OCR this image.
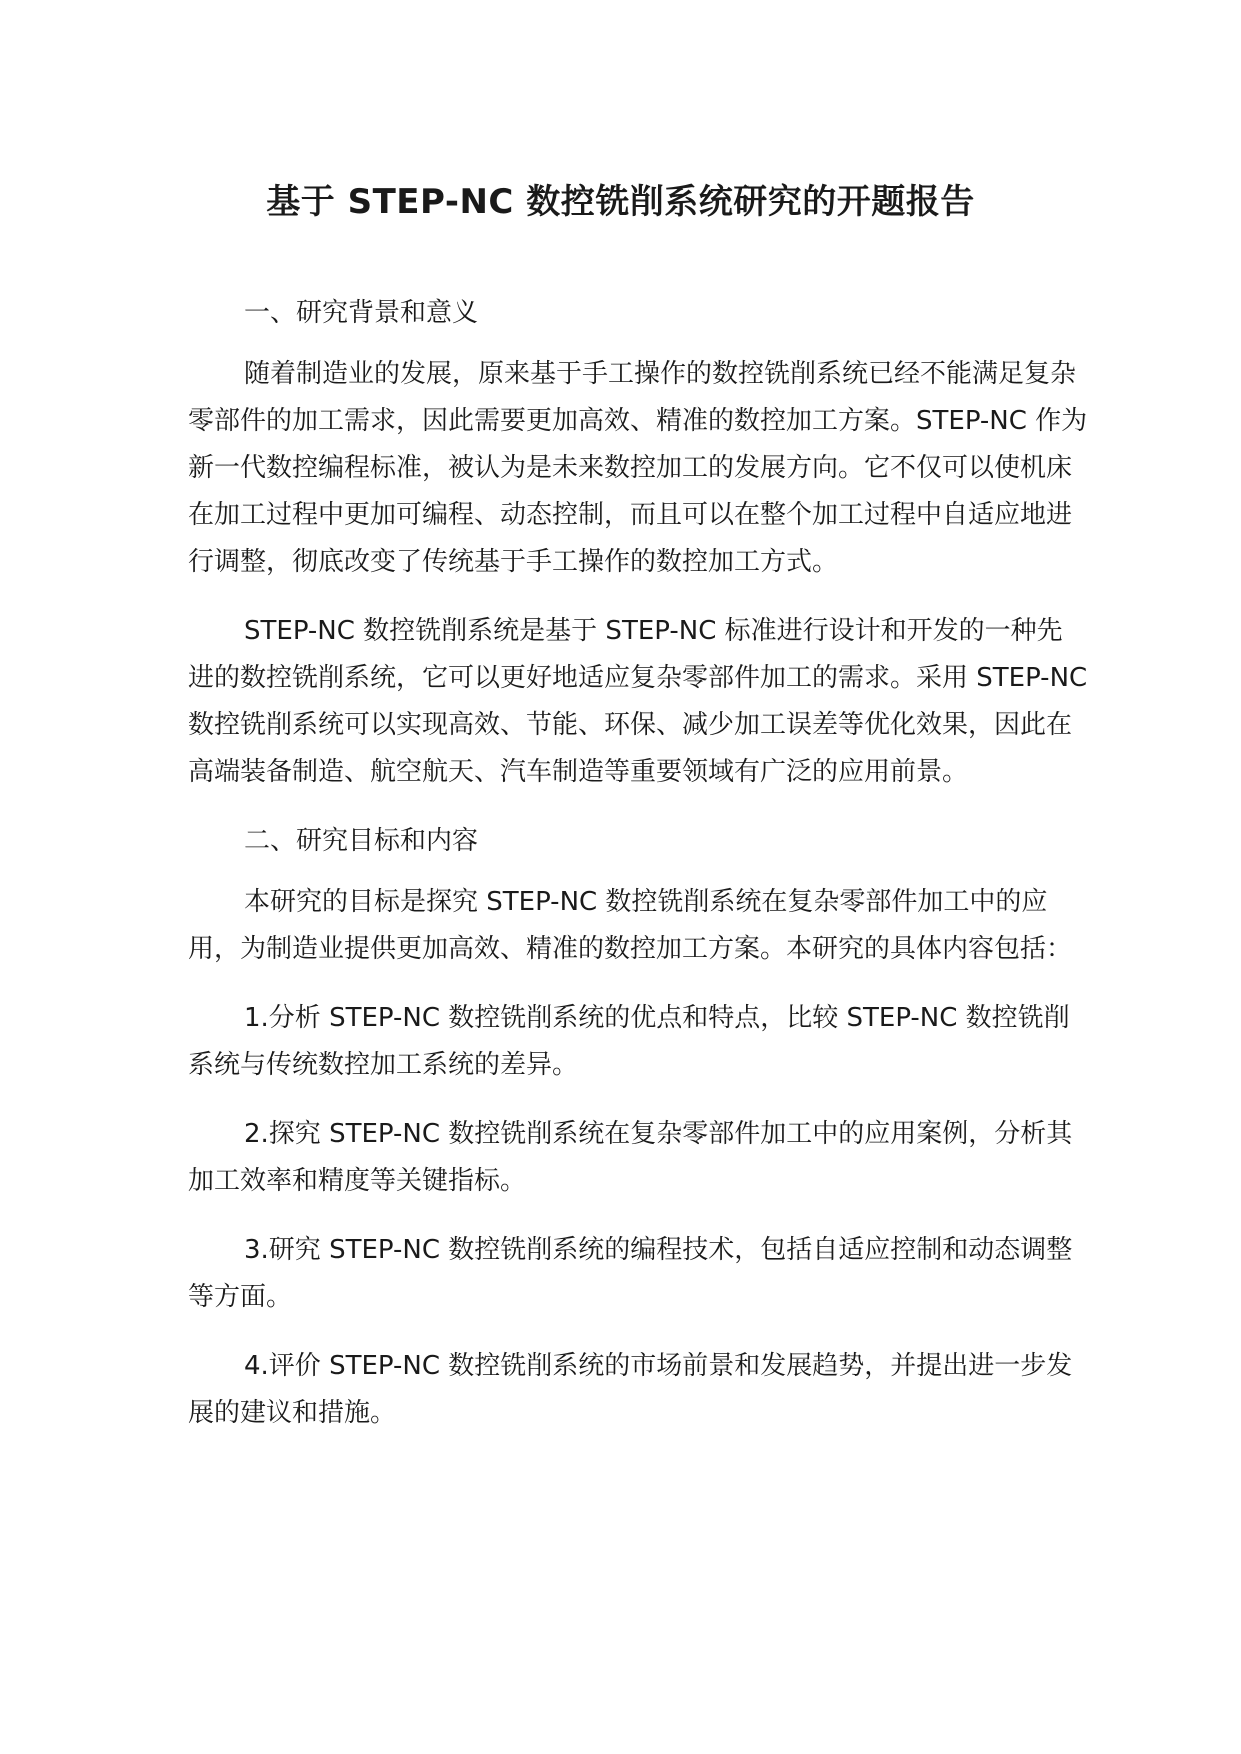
基于 STEP-NC 数控铣削系统研究的开题报告

一、研究背景和意义

随着制造业的发展，原来基于手工操作的数控铣削系统已经不能满足复杂零部件的加工需求，因此需要更加高效、精准的数控加工方案。STEP-NC 作为新一代数控编程标准，被认为是未来数控加工的发展方向。它不仅可以使机床在加工过程中更加可编程、动态控制，而且可以在整个加工过程中自适应地进行调整，彻底改变了传统基于手工操作的数控加工方式。

STEP-NC 数控铣削系统是基于 STEP-NC 标准进行设计和开发的一种先进的数控铣削系统，它可以更好地适应复杂零部件加工的需求。采用 STEP-NC 数控铣削系统可以实现高效、节能、环保、减少加工误差等优化效果，因此在高端装备制造、航空航天、汽车制造等重要领域有广泛的应用前景。

二、研究目标和内容

本研究的目标是探究 STEP-NC 数控铣削系统在复杂零部件加工中的应用，为制造业提供更加高效、精准的数控加工方案。本研究的具体内容包括：

1.分析 STEP-NC 数控铣削系统的优点和特点，比较 STEP-NC 数控铣削系统与传统数控加工系统的差异。

2.探究 STEP-NC 数控铣削系统在复杂零部件加工中的应用案例，分析其加工效率和精度等关键指标。

3.研究 STEP-NC 数控铣削系统的编程技术，包括自适应控制和动态调整等方面。

4.评价 STEP-NC 数控铣削系统的市场前景和发展趋势，并提出进一步发展的建议和措施。
